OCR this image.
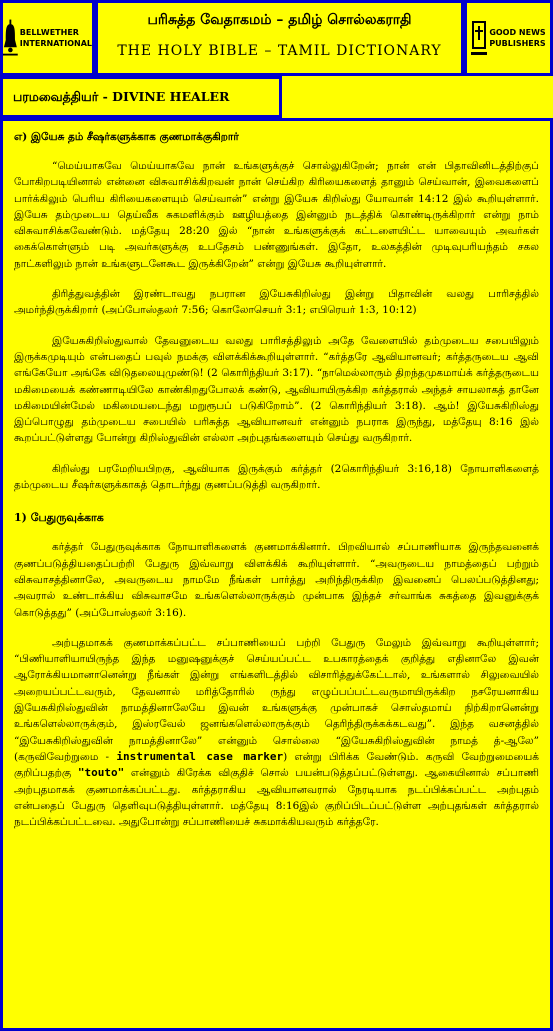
BELLWETHER
INTERNATIONAL
பரிசுத்த வேதாகமம் – தமிழ் சொல்லகராதி
THE HOLY BIBLE – TAMIL DICTIONARY
GOOD NEWS
PUBLISHERS
பரமவைத்தியர் - DIVINE HEALER
எ) இயேசு தம் சீஷர்களுக்காக குணமாக்குகிறார்

“மெய்யாகவே மெய்யாகவே நான் உங்களுக்குச் சொல்லுகிறேன்; நான் என் பிதாவினிடத்திற்குப் போகிறபடியினால் என்னை விசுவாசிக்கிறவன் நான் செய்கிற கிரியைகளைத் தானும் செய்வான், இவைகளைப் பார்க்கிலும் பெரிய கிரியைகளையும் செய்வான்” என்று இயேசு கிறிஸ்து யோவான் 14:12 இல் கூறியுள்ளார். இயேசு தம்முடைய தெய்வீக சுகமளிக்கும் ஊழியத்தை இன்னும் நடத்திக் கொண்டிருக்கிறார் என்று நாம் விசுவாசிக்கவேண்டும். மத்தேயு 28:20 இல் “நான் உங்களுக்குக் கட்டளையிட்ட யாவையும் அவர்கள் கைக்கொள்ளும் படி அவர்களுக்கு உபதேசம் பண்ணுங்கள். இதோ, உலகத்தின் முடிவுபரியந்தம் சகல நாட்களிலும் நான் உங்களுடனேகூட இருக்கிறேன்” என்று இயேசு கூறியுள்ளார்.

திரித்துவத்தின் இரண்டாவது நபரான இயேசுகிறிஸ்து இன்று பிதாவின் வலது பாரிசத்தில் அமர்ந்திருக்கிறார் (அப்போஸ்தலர் 7:56; கொலோசெயர் 3:1; எபிரெயர் 1:3, 10:12)

இயேசுகிறிஸ்துவால் தேவனுடைய வலது பாரிசத்திலும் அதே வேளையில் தம்முடைய சபையிலும் இருக்கமுடியும் என்பதைப் பவுல் நமக்கு விளக்கிக்கூறியுள்ளார். “கர்த்தரே ஆவியானவர்; கர்த்தருடைய ஆவி எங்கேயோ அங்கே விடுதலையுமுண்டு! (2 கொரிந்தியர் 3:17). “நாமெல்லாரும் திறந்தமுகமாய்க் கர்த்தருடைய மகிமையைக் கண்ணாடியிலே காண்கிறதுபோலக் கண்டு, ஆவியாயிருக்கிற கர்த்தரால் அந்தச் சாயலாகத் தானே மகிமையின்மேல் மகிமையடைந்து மறுரூபப் படுகிறோம்”. (2 கொரிந்தியர் 3:18). ஆம்! இயேசுகிறிஸ்து இப்பொழுது தம்முடைய சபையில் பரிசுத்த ஆவியானவர் என்னும் நபராக இருந்து, மத்தேயு 8:16 இல் கூறப்பட்டுள்ளது போன்று கிறிஸ்துவின் எல்லா அற்புதங்களையும் செய்து வருகிறார்.

கிறிஸ்து பரமேறியபிறகு, ஆவியாக இருக்கும் கர்த்தர் (2கொரிந்தியர் 3:16,18) நோயாளிகளைத் தம்முடைய சீஷர்களுக்காகத் தொடர்ந்து குணப்படுத்தி வருகிறார்.

1) பேதுருவுக்காக

கர்த்தர் பேதுருவுக்காக நோயாளிகளைக் குணமாக்கினார். பிறவியால் சப்பாணியாக இருந்தவனைக் குணப்படுத்தியதைப்பற்றி பேதுரு இவ்வாறு விளக்கிக் கூறியுள்ளார். “அவருடைய நாமத்தைப் பற்றும் விசுவாசத்தினாலே, அவருடைய நாமமே நீங்கள் பார்த்து அறிந்திருக்கிற இவனைப் பெலப்படுத்தினது; அவரால் உண்டாக்கிய விசுவாசமே உங்களெல்லாருக்கும் முன்பாக இந்தச் சர்வாங்க சுகத்தை இவனுக்குக் கொடுத்தது” (அப்போஸ்தலர் 3:16).

அற்புதமாகக் குணமாக்கப்பட்ட சப்பாணியைப் பற்றி பேதுரு மேலும் இவ்வாறு கூறியுள்ளார்; “பிணியாளியாயிருந்த இந்த மனுஷனுக்குச் செய்யப்பட்ட உபகாரத்தைக் குறித்து எதினாலே இவன் ஆரோக்கியமானானென்று நீங்கள் இன்று எங்களிடத்தில் விசாரித்துக்கேட்டால், உங்களால் சிலுவையில் அறையப்பட்டவரும், தேவனால் மரித்தோரில் ருந்து எழுப்பப்பட்டவருமாயிருக்கிற நசரேயனாகிய இயேசுகிறிஸ்துவின் நாமத்தினாலேயே இவன் உங்களுக்கு முன்பாகச் சொஸ்தமாய் நிற்கிறானென்று உங்களெல்லாருக்கும், இஸ்ரவேல் ஜனங்களெல்லாருக்கும் தெரிந்திருக்கக்கடவது”. இந்த வசனத்தில் “இயேசுகிறிஸ்துவின் நாமத்தினாலே” என்னும் சொல்லை “இயேசுகிறிஸ்துவின் நாமத் த்-ஆலே” (கருவிவேற்றுமை - instrumental case marker) என்று பிரிக்க வேண்டும். கருவி வேற்றுமையைக் குறிப்பதற்கு "touto" என்னும் கிரேக்க விகுதிச் சொல் பயன்படுத்தப்பட்டுள்ளது. ஆகையினால் சப்பாணி அற்புதமாகக் குணமாக்கப்பட்டது. கர்த்தராகிய ஆவியானவரால் நேரடியாக நடப்பிக்கப்பட்ட அற்புதம் என்பதைப் பேதுரு தெளிவுபடுத்தியுள்ளார். மத்தேயு 8:16இல் குறிப்பிடப்பட்டுள்ள அற்புதங்கள் கர்த்தரால் நடப்பிக்கப்பட்டவை. அதுபோன்று சப்பாணியைச் சுகமாக்கியவரும் கர்த்தரே.
